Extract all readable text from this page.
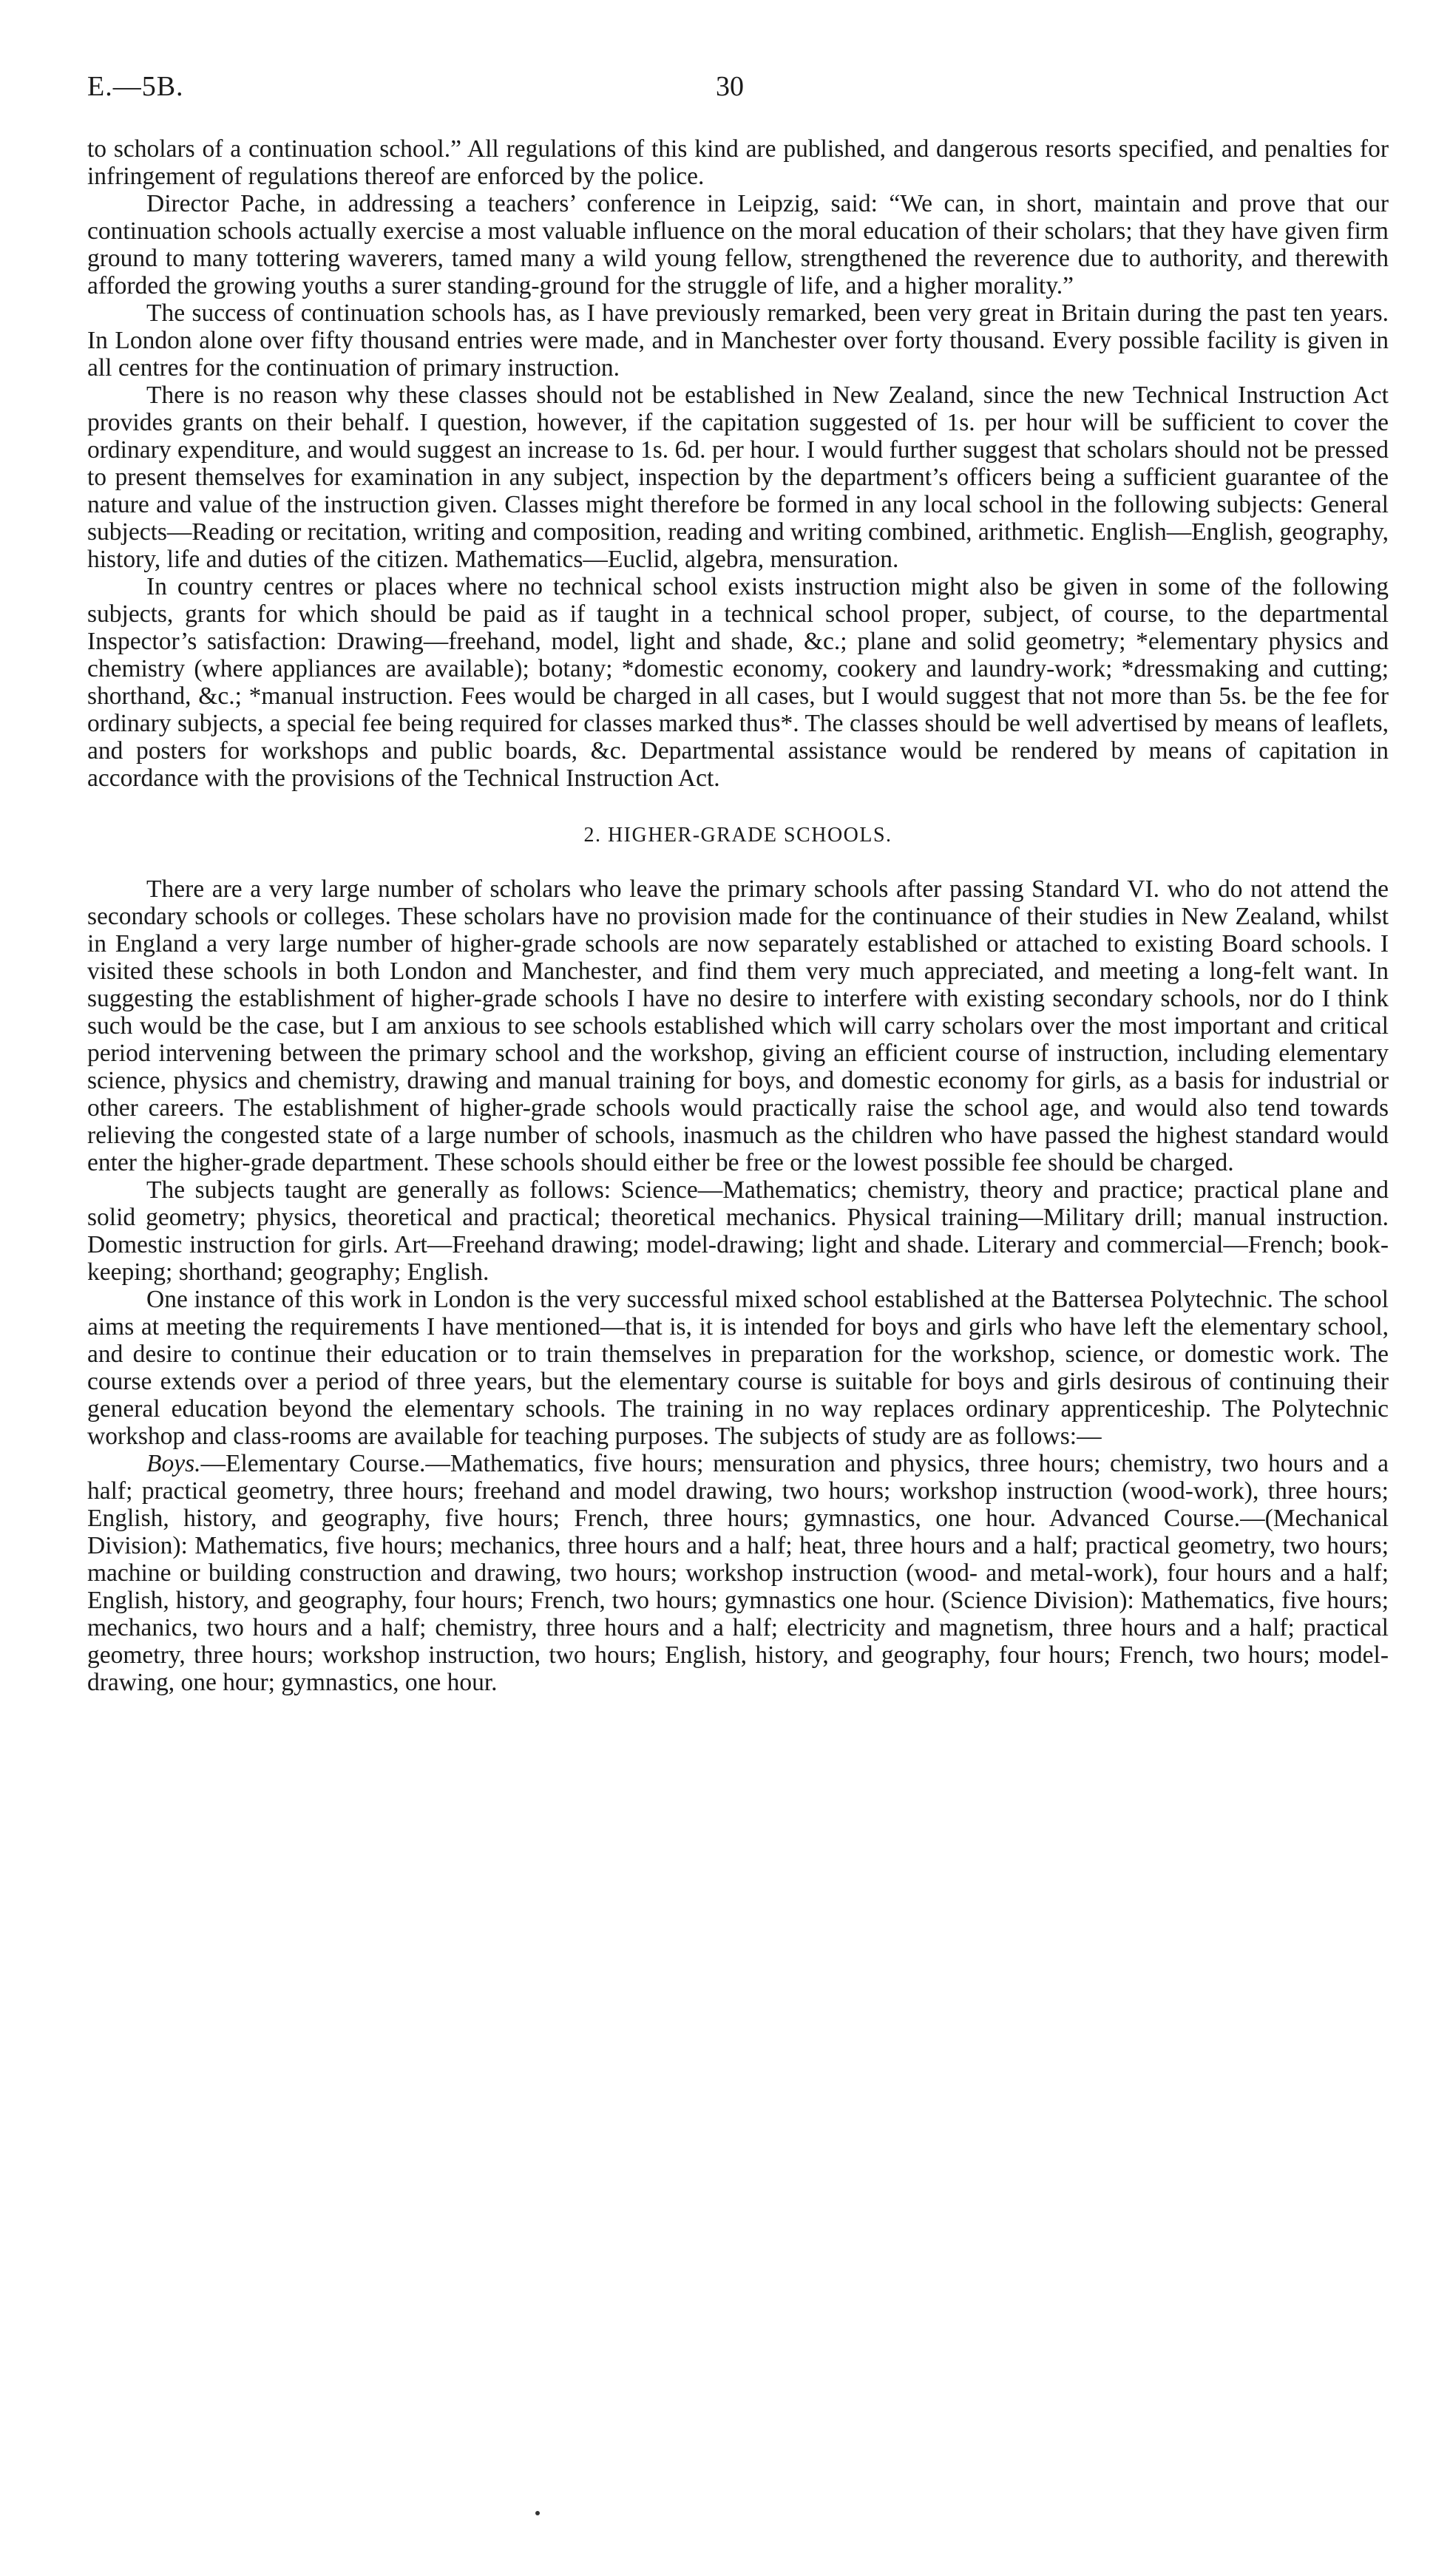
E.—5B.	30

to scholars of a continuation school.” All regulations of this kind are published, and dangerous resorts specified, and penalties for infringement of regulations thereof are enforced by the police.

Director Pache, in addressing a teachers’ conference in Leipzig, said: “We can, in short, maintain and prove that our continuation schools actually exercise a most valuable influence on the moral education of their scholars; that they have given firm ground to many tottering waverers, tamed many a wild young fellow, strengthened the reverence due to authority, and therewith afforded the growing youths a surer standing-ground for the struggle of life, and a higher morality.”

The success of continuation schools has, as I have previously remarked, been very great in Britain during the past ten years. In London alone over fifty thousand entries were made, and in Manchester over forty thousand. Every possible facility is given in all centres for the continuation of primary instruction.

There is no reason why these classes should not be established in New Zealand, since the new Technical Instruction Act provides grants on their behalf. I question, however, if the capitation suggested of 1s. per hour will be sufficient to cover the ordinary expenditure, and would suggest an increase to 1s. 6d. per hour. I would further suggest that scholars should not be pressed to present themselves for examination in any subject, inspection by the department’s officers being a sufficient guarantee of the nature and value of the instruction given. Classes might therefore be formed in any local school in the following subjects: General subjects—Reading or recitation, writing and composition, reading and writing combined, arithmetic. English—English, geography, history, life and duties of the citizen. Mathematics—Euclid, algebra, mensuration.

In country centres or places where no technical school exists instruction might also be given in some of the following subjects, grants for which should be paid as if taught in a technical school proper, subject, of course, to the departmental Inspector’s satisfaction: Drawing—freehand, model, light and shade, &c.; plane and solid geometry; *elementary physics and chemistry (where appliances are available); botany; *domestic economy, cookery and laundry-work; *dressmaking and cutting; shorthand, &c.; *manual instruction. Fees would be charged in all cases, but I would suggest that not more than 5s. be the fee for ordinary subjects, a special fee being required for classes marked thus*. The classes should be well advertised by means of leaflets, and posters for workshops and public boards, &c. Departmental assistance would be rendered by means of capitation in accordance with the provisions of the Technical Instruction Act.

2. HIGHER-GRADE SCHOOLS.

There are a very large number of scholars who leave the primary schools after passing Standard VI. who do not attend the secondary schools or colleges. These scholars have no provision made for the continuance of their studies in New Zealand, whilst in England a very large number of higher-grade schools are now separately established or attached to existing Board schools. I visited these schools in both London and Manchester, and find them very much appreciated, and meeting a long-felt want. In suggesting the establishment of higher-grade schools I have no desire to interfere with existing secondary schools, nor do I think such would be the case, but I am anxious to see schools established which will carry scholars over the most important and critical period intervening between the primary school and the workshop, giving an efficient course of instruction, including elementary science, physics and chemistry, drawing and manual training for boys, and domestic economy for girls, as a basis for industrial or other careers. The establishment of higher-grade schools would practically raise the school age, and would also tend towards relieving the congested state of a large number of schools, inasmuch as the children who have passed the highest standard would enter the higher-grade department. These schools should either be free or the lowest possible fee should be charged.

The subjects taught are generally as follows: Science—Mathematics; chemistry, theory and practice; practical plane and solid geometry; physics, theoretical and practical; theoretical mechanics. Physical training—Military drill; manual instruction. Domestic instruction for girls. Art—Freehand drawing; model-drawing; light and shade. Literary and commercial—French; book-keeping; shorthand; geography; English.

One instance of this work in London is the very successful mixed school established at the Battersea Polytechnic. The school aims at meeting the requirements I have mentioned—that is, it is intended for boys and girls who have left the elementary school, and desire to continue their education or to train themselves in preparation for the workshop, science, or domestic work. The course extends over a period of three years, but the elementary course is suitable for boys and girls desirous of continuing their general education beyond the elementary schools. The training in no way replaces ordinary apprenticeship. The Polytechnic workshop and class-rooms are available for teaching purposes. The subjects of study are as follows:—

Boys.—Elementary Course.—Mathematics, five hours; mensuration and physics, three hours; chemistry, two hours and a half; practical geometry, three hours; freehand and model drawing, two hours; workshop instruction (wood-work), three hours; English, history, and geography, five hours; French, three hours; gymnastics, one hour. Advanced Course.—(Mechanical Division): Mathematics, five hours; mechanics, three hours and a half; heat, three hours and a half; practical geometry, two hours; machine or building construction and drawing, two hours; workshop instruction (wood- and metal-work), four hours and a half; English, history, and geography, four hours; French, two hours; gymnastics one hour. (Science Division): Mathematics, five hours; mechanics, two hours and a half; chemistry, three hours and a half; electricity and magnetism, three hours and a half; practical geometry, three hours; workshop instruction, two hours; English, history, and geography, four hours; French, two hours; model-drawing, one hour; gymnastics, one hour.
